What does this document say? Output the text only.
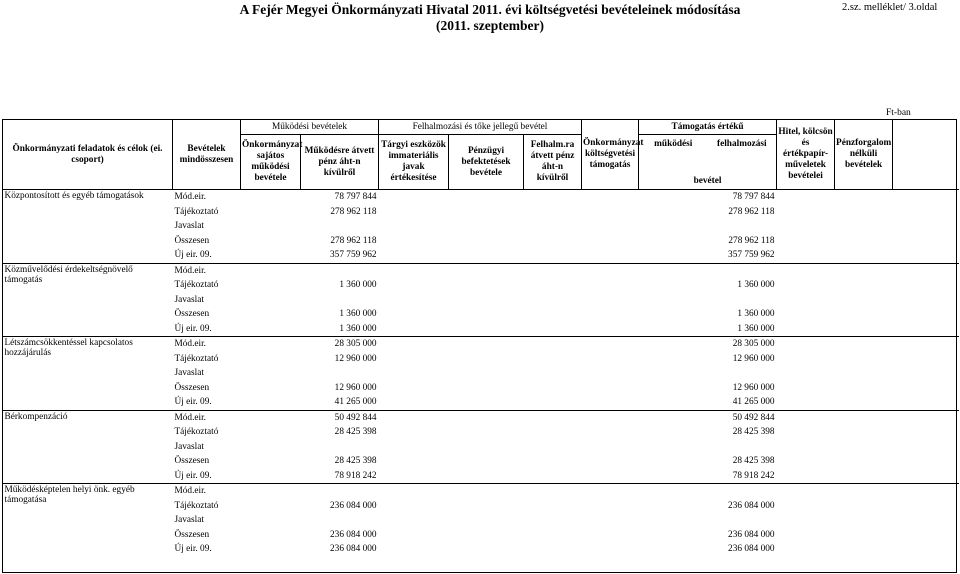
A Fejér Megyei Önkormányzati Hivatal 2011. évi költségvetési bevételeinek módosítása
(2011. szeptember)
2.sz. melléklet/ 3.oldal
Ft-ban
Önkormányzati feladatok és célok (ei. csoport)	Bevételek mindösszesen	Működési bevételek		Felhalmozási és tőke jellegű bevétel			Önkormányzat költségvetési támogatás	Támogatás értékű		Hitel, kölcsön és értékpapír-műveletek bevételei	Pénzforgalom nélküli bevételek	
		Önkormányzat sajátos működési bevétele	Működésre átvett pénz áht-n kívülről	Tárgyi eszközök immateriális javak értékesítése	Pénzügyi befektetések bevétele	Felhalm.ra átvett pénz áht-n kívülről		működési felhalmozási
bevétel					

Központosított és egyéb támogatások	Mód.eir.	78 797 844							78 797 844				
	Tájékoztató	278 962 118							278 962 118				
	Javaslat												
	Összesen	278 962 118							278 962 118				
	Új eir. 09.	357 759 962							357 759 962				
Közművelődési érdekeltségnövelő támogatás	Mód.eir.												
	Tájékoztató	1 360 000							1 360 000				
	Javaslat												
	Összesen	1 360 000							1 360 000				
	Új eir. 09.	1 360 000							1 360 000				
Létszámcsökkentéssel kapcsolatos hozzájárulás	Mód.eir.	28 305 000							28 305 000				
	Tájékoztató	12 960 000							12 960 000				
	Javaslat												
	Összesen	12 960 000							12 960 000				
	Új eir. 09.	41 265 000							41 265 000				
Bérkompenzáció	Mód.eir.	50 492 844							50 492 844				
	Tájékoztató	28 425 398							28 425 398				
	Javaslat												
	Összesen	28 425 398							28 425 398				
	Új eir. 09.	78 918 242							78 918 242				
Működésképtelen helyi önk. egyéb támogatása	Mód.eir.												
	Tájékoztató	236 084 000							236 084 000				
	Javaslat												
	Összesen	236 084 000							236 084 000				
	Új eir. 09.	236 084 000							236 084 000				
